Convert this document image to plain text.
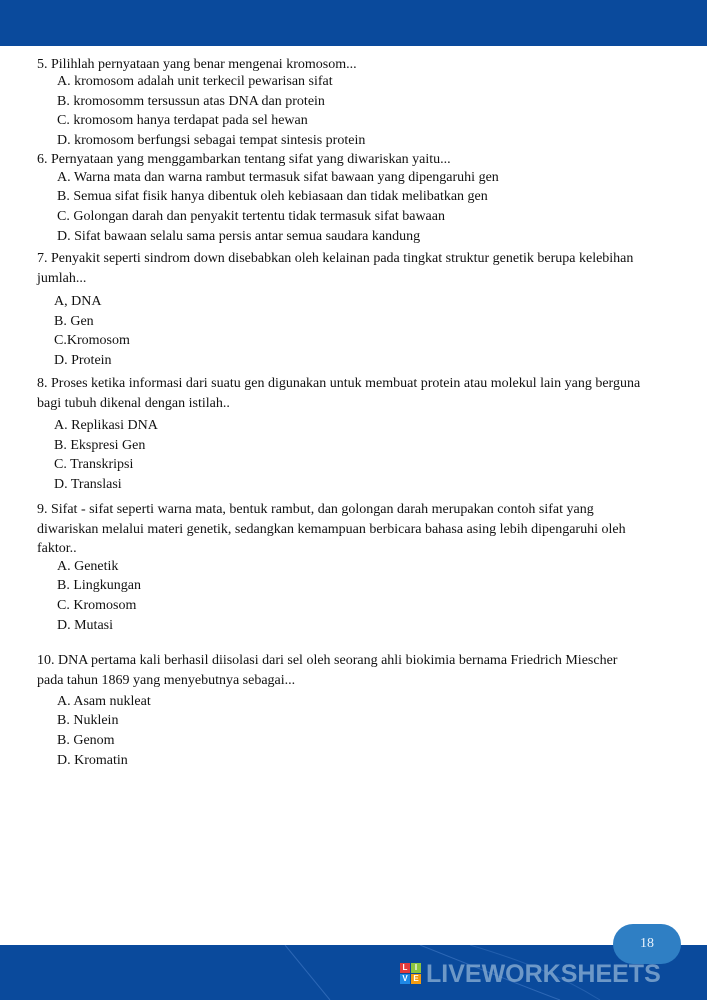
5. Pilihlah pernyataan yang benar mengenai kromosom...

A. kromosom adalah unit terkecil pewarisan sifat

B. kromosomm tersussun atas DNA dan protein

C. kromosom hanya terdapat pada sel hewan

D. kromosom berfungsi sebagai tempat sintesis protein

6. Pernyataan yang menggambarkan tentang sifat yang diwariskan yaitu...

A. Warna mata dan warna rambut termasuk sifat bawaan yang dipengaruhi gen

B. Semua sifat fisik hanya dibentuk oleh kebiasaan dan tidak melibatkan gen

C. Golongan darah dan penyakit tertentu tidak termasuk sifat bawaan

D. Sifat bawaan selalu sama persis antar semua saudara kandung

7. Penyakit seperti sindrom down disebabkan oleh kelainan pada tingkat struktur genetik berupa kelebihan jumlah...

A, DNA

B. Gen

C.Kromosom

D. Protein

8. Proses ketika informasi dari suatu gen digunakan untuk membuat protein atau molekul lain yang berguna bagi tubuh dikenal dengan istilah..

A. Replikasi DNA

B. Ekspresi Gen

C. Transkripsi

D. Translasi

9. Sifat - sifat seperti warna mata, bentuk rambut, dan golongan darah merupakan contoh sifat yang diwariskan melalui materi genetik, sedangkan kemampuan berbicara bahasa asing lebih dipengaruhi oleh faktor..

A. Genetik

B. Lingkungan

C. Kromosom

D. Mutasi

10. DNA pertama kali berhasil diisolasi dari sel oleh seorang ahli biokimia bernama Friedrich Miescher pada tahun 1869 yang menyebutnya sebagai...

A. Asam nukleat

B. Nuklein

B. Genom

D. Kromatin

18
L I
V E LIVEWORKSHEETS
